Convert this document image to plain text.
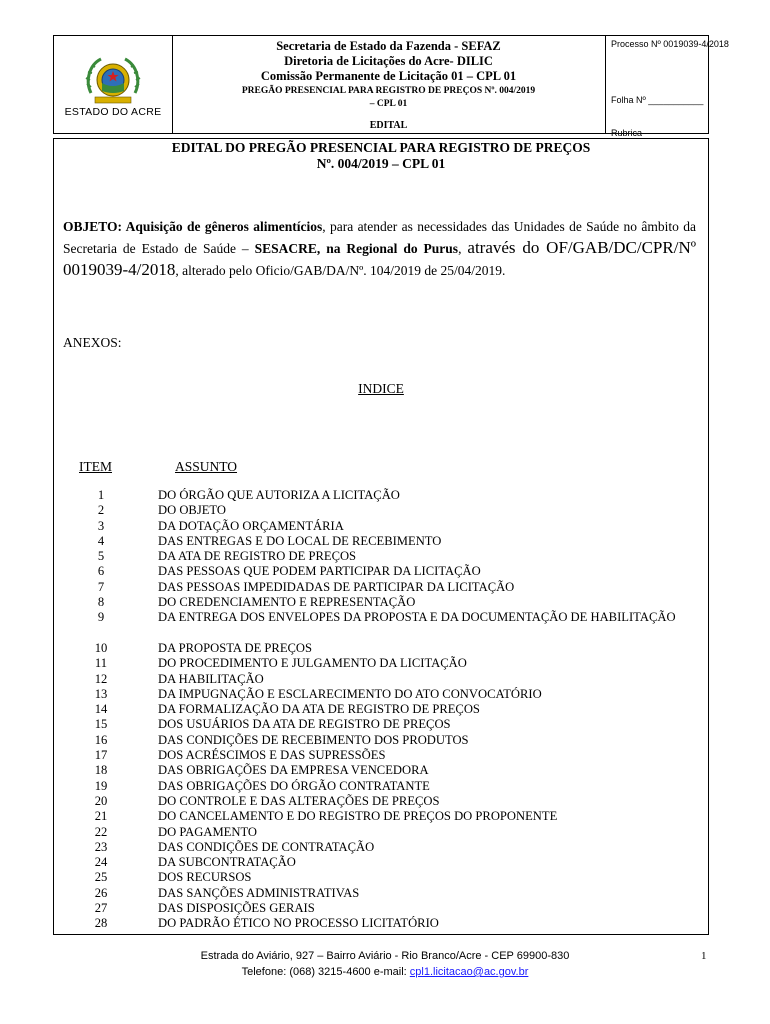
ESTADO DO ACRE
Secretaria de Estado da Fazenda - SEFAZ
Diretoria de Licitações do Acre- DILIC
Comissão Permanente de Licitação 01 – CPL 01
PREGÃO PRESENCIAL PARA REGISTRO DE PREÇOS Nº. 004/2019
– CPL 01
EDITAL
Processo Nº 0019039-4/2018
Folha Nº ___________
Rubrica
EDITAL DO PREGÃO PRESENCIAL PARA REGISTRO DE PREÇOS
Nº. 004/2019 – CPL 01
OBJETO: Aquisição de gêneros alimentícios, para atender as necessidades das Unidades de Saúde no âmbito da Secretaria de Estado de Saúde – SESACRE, na Regional do Purus, através do OF/GAB/DC/CPR/Nº 0019039-4/2018, alterado pelo Oficio/GAB/DA/Nº. 104/2019 de 25/04/2019.
ANEXOS:
INDICE
ITEM	ASSUNTO
1	DO ÓRGÃO QUE AUTORIZA A LICITAÇÃO
2	DO OBJETO
3	DA DOTAÇÃO ORÇAMENTÁRIA
4	DAS ENTREGAS E DO LOCAL DE RECEBIMENTO
5	DA ATA DE REGISTRO DE PREÇOS
6	DAS PESSOAS QUE PODEM PARTICIPAR DA LICITAÇÃO
7	DAS PESSOAS IMPEDIDADAS DE PARTICIPAR DA LICITAÇÃO
8	DO CREDENCIAMENTO E REPRESENTAÇÃO
9	DA ENTREGA DOS ENVELOPES DA PROPOSTA E DA DOCUMENTAÇÃO DE HABILITAÇÃO
10	DA PROPOSTA DE PREÇOS
11	DO PROCEDIMENTO E JULGAMENTO DA LICITAÇÃO
12	DA HABILITAÇÃO
13	DA IMPUGNAÇÃO E ESCLARECIMENTO DO ATO CONVOCATÓRIO
14	DA FORMALIZAÇÃO DA ATA DE REGISTRO DE PREÇOS
15	DOS USUÁRIOS DA ATA DE REGISTRO DE PREÇOS
16	DAS CONDIÇÕES DE RECEBIMENTO DOS PRODUTOS
17	DOS ACRÉSCIMOS E DAS SUPRESSÕES
18	DAS OBRIGAÇÕES DA EMPRESA VENCEDORA
19	DAS OBRIGAÇÕES DO ÓRGÃO CONTRATANTE
20	DO CONTROLE E DAS ALTERAÇÕES DE PREÇOS
21	DO CANCELAMENTO E DO REGISTRO DE PREÇOS DO PROPONENTE
22	DO PAGAMENTO
23	DAS CONDIÇÕES DE CONTRATAÇÃO
24	DA SUBCONTRATAÇÃO
25	DOS RECURSOS
26	DAS SANÇÕES ADMINISTRATIVAS
27	DAS DISPOSIÇÕES GERAIS
28	DO PADRÃO ÉTICO NO PROCESSO LICITATÓRIO
Estrada do Aviário, 927 – Bairro Aviário - Rio Branco/Acre - CEP 69900-830
Telefone: (068) 3215-4600 e-mail: cpl1.licitacao@ac.gov.br
1
